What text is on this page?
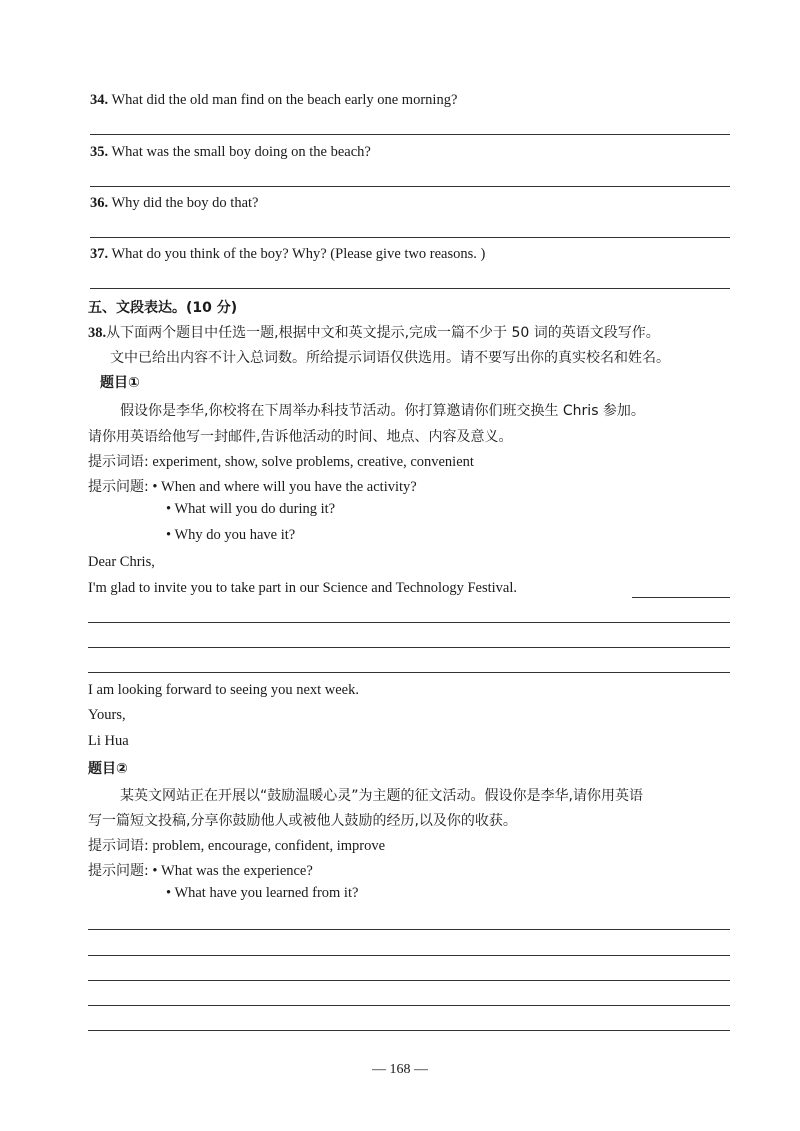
34. What did the old man find on the beach early one morning?
35. What was the small boy doing on the beach?
36. Why did the boy do that?
37. What do you think of the boy? Why? (Please give two reasons. )
五、文段表达。(10 分)
38.从下面两个题目中任选一题,根据中文和英文提示,完成一篇不少于 50 词的英语文段写作。
文中已给出内容不计入总词数。所给提示词语仅供选用。请不要写出你的真实校名和姓名。
题目①
假设你是李华,你校将在下周举办科技节活动。你打算邀请你们班交换生 Chris 参加。
请你用英语给他写一封邮件,告诉他活动的时间、地点、内容及意义。
提示词语: experiment, show, solve problems, creative, convenient
提示问题: • When and where will you have the activity?
• What will you do during it?
• Why do you have it?
Dear Chris,
I'm glad to invite you to take part in our Science and Technology Festival.
I am looking forward to seeing you next week.
Yours,
Li Hua
题目②
某英文网站正在开展以“鼓励温暖心灵”为主题的征文活动。假设你是李华,请你用英语
写一篇短文投稿,分享你鼓励他人或被他人鼓励的经历,以及你的收获。
提示词语: problem, encourage, confident, improve
提示问题: • What was the experience?
• What have you learned from it?
— 168 —
